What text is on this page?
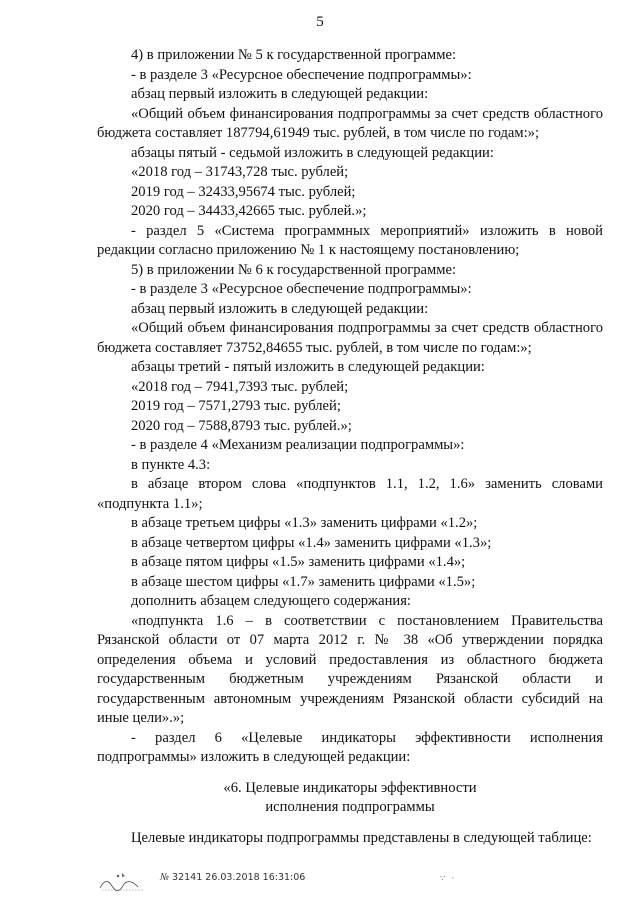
5

4) в приложении № 5 к государственной программе:

- в разделе 3 «Ресурсное обеспечение подпрограммы»:

абзац первый изложить в следующей редакции:

«Общий объем финансирования подпрограммы за счет средств областного бюджета составляет 187794,61949 тыс. рублей, в том числе по годам:»;

абзацы пятый - седьмой изложить в следующей редакции:

«2018 год – 31743,728 тыс. рублей;

2019 год – 32433,95674 тыс. рублей;

2020 год – 34433,42665 тыс. рублей.»;

- раздел 5 «Система программных мероприятий» изложить в новой редакции согласно приложению № 1 к настоящему постановлению;

5) в приложении № 6 к государственной программе:

- в разделе 3 «Ресурсное обеспечение подпрограммы»:

абзац первый изложить в следующей редакции:

«Общий объем финансирования подпрограммы за счет средств областного бюджета составляет 73752,84655 тыс. рублей, в том числе по годам:»;

абзацы третий - пятый изложить в следующей редакции:

«2018 год – 7941,7393 тыс. рублей;

2019 год – 7571,2793 тыс. рублей;

2020 год – 7588,8793 тыс. рублей.»;

- в разделе 4 «Механизм реализации подпрограммы»:

в пункте 4.3:

в абзаце втором слова «подпунктов 1.1, 1.2, 1.6» заменить словами «подпункта 1.1»;

в абзаце третьем цифры «1.3» заменить цифрами «1.2»;

в абзаце четвертом цифры «1.4» заменить цифрами «1.3»;

в абзаце пятом цифры «1.5» заменить цифрами «1.4»;

в абзаце шестом цифры «1.7» заменить цифрами «1.5»;

дополнить абзацем следующего содержания:

«подпункта 1.6 – в соответствии с постановлением Правительства Рязанской области от 07 марта 2012 г. № 38 «Об утверждении порядка определения объема и условий предоставления из областного бюджета государственным бюджетным учреждениям Рязанской области и государственным автономным учреждениям Рязанской области субсидий на иные цели».»;

- раздел 6 «Целевые индикаторы эффективности исполнения подпрограммы» изложить в следующей редакции:

«6. Целевые индикаторы эффективности

исполнения подпрограммы

Целевые индикаторы подпрограммы представлены в следующей таблице:

№ 32141 26.03.2018 16:31:06	∵ ·
